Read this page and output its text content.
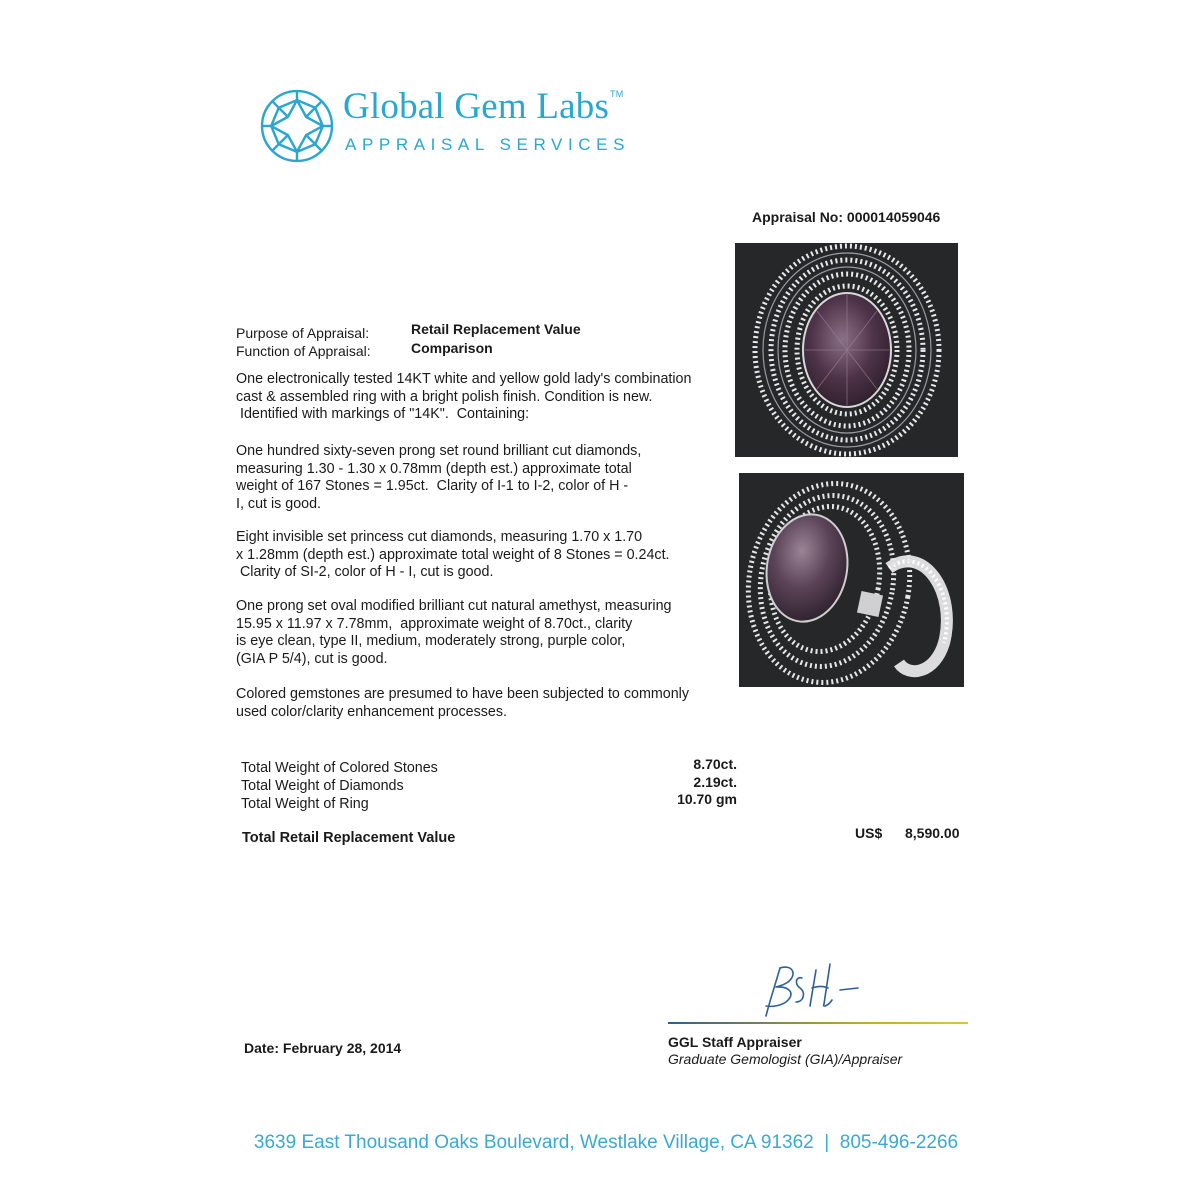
Global Gem Labs™
APPRAISAL SERVICES
Appraisal No: 000014059046
Purpose of Appraisal:	Retail Replacement Value
Function of Appraisal:	Comparison
One electronically tested 14KT white and yellow gold lady's combination
cast & assembled ring with a bright polish finish. Condition is new.
Identified with markings of "14K".  Containing:
One hundred sixty-seven prong set round brilliant cut diamonds,
measuring 1.30 - 1.30 x 0.78mm (depth est.) approximate total
weight of 167 Stones = 1.95ct.  Clarity of I-1 to I-2, color of H -
I, cut is good.
Eight invisible set princess cut diamonds, measuring 1.70 x 1.70
x 1.28mm (depth est.) approximate total weight of 8 Stones = 0.24ct.
Clarity of SI-2, color of H - I, cut is good.
One prong set oval modified brilliant cut natural amethyst, measuring
15.95 x 11.97 x 7.78mm,  approximate weight of 8.70ct., clarity
is eye clean, type II, medium, moderately strong, purple color,
(GIA P 5/4), cut is good.
Colored gemstones are presumed to have been subjected to commonly
used color/clarity enhancement processes.
Total Weight of Colored Stones	8.70ct.
Total Weight of Diamonds	2.19ct.
Total Weight of Ring	10.70 gm
Total Retail Replacement Value	US$ 8,590.00
GGL Staff Appraiser
Graduate Gemologist (GIA)/Appraiser
Date: February 28, 2014
3639 East Thousand Oaks Boulevard, Westlake Village, CA 91362  |  805-496-2266
